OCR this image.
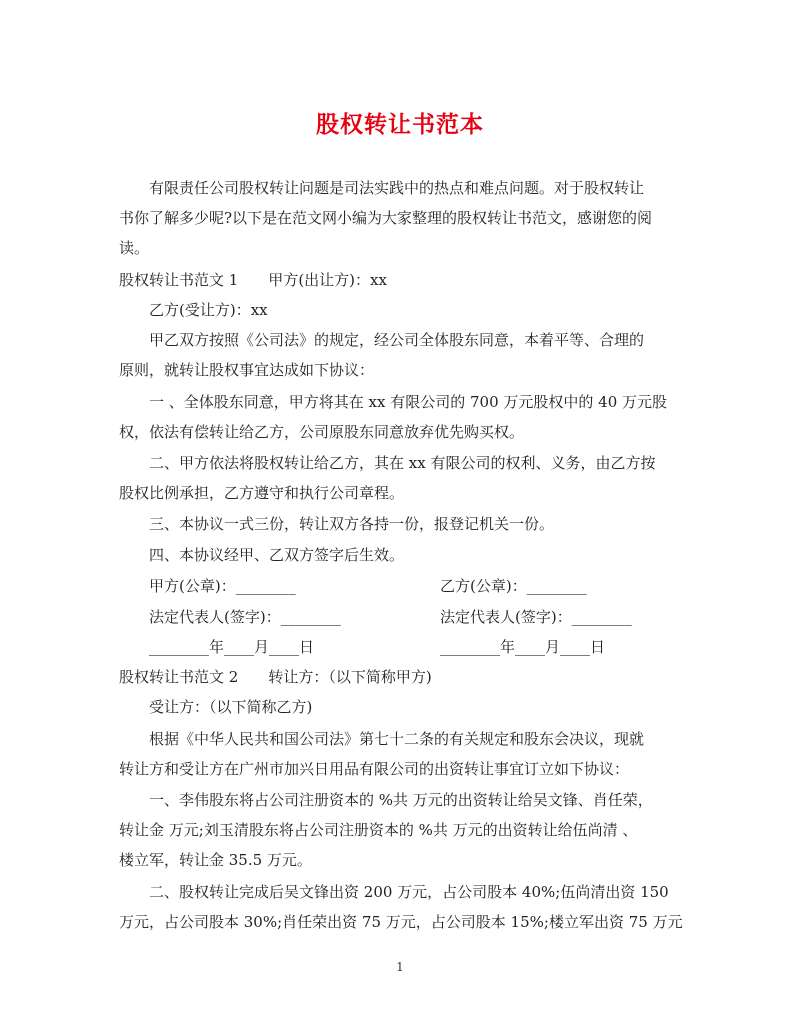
股权转让书范本
有限责任公司股权转让问题是司法实践中的热点和难点问题。对于股权转让
书你了解多少呢?以下是在范文网小编为大家整理的股权转让书范文，感谢您的阅
读。
股权转让书范文 1　　甲方(出让方)：xx
乙方(受让方)：xx
甲乙双方按照《公司法》的规定，经公司全体股东同意，本着平等、合理的
原则，就转让股权事宜达成如下协议：
一 、全体股东同意，甲方将其在 xx 有限公司的 700 万元股权中的 40 万元股
权，依法有偿转让给乙方，公司原股东同意放弃优先购买权。
二、甲方依法将股权转让给乙方，其在 xx 有限公司的权利、义务，由乙方按
股权比例承担，乙方遵守和执行公司章程。
三、本协议一式三份，转让双方各持一份，报登记机关一份。
四、本协议经甲、乙双方签字后生效。
甲方(公章)：________	乙方(公章)：________
法定代表人(签字)：________	法定代表人(签字)：________
________年____月____日	________年____月____日
股权转让书范文 2　　转让方：（以下简称甲方)
受让方：（以下简称乙方)
根据《中华人民共和国公司法》第七十二条的有关规定和股东会决议，现就
转让方和受让方在广州市加兴日用品有限公司的出资转让事宜订立如下协议：
一、李伟股东将占公司注册资本的 %共 万元的出资转让给吴文锋、肖任荣，
转让金 万元;刘玉清股东将占公司注册资本的 %共 万元的出资转让给伍尚清 、
楼立军，转让金 35.5 万元。
二、股权转让完成后吴文锋出资 200 万元，占公司股本 40%;伍尚清出资 150
万元，占公司股本 30%;肖任荣出资 75 万元，占公司股本 15%;楼立军出资 75 万元
1
